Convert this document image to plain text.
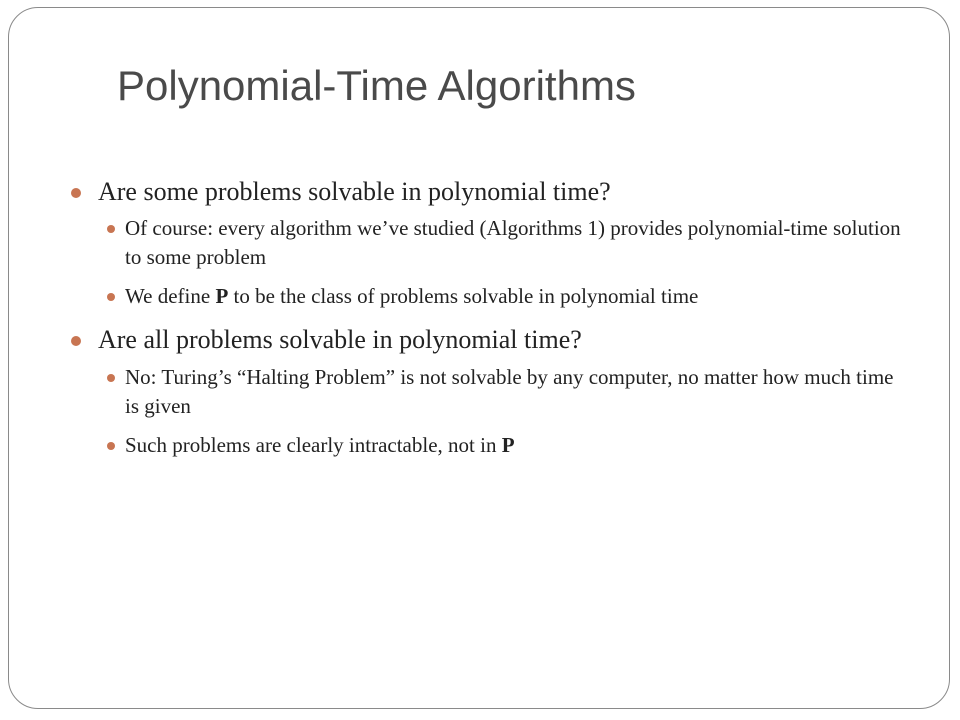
Polynomial-Time Algorithms

Are some problems solvable in polynomial time?

Of course: every algorithm we’ve studied (Algorithms 1) provides polynomial-time solution to some problem

We define P to be the class of problems solvable in polynomial time

Are all problems solvable in polynomial time?

No: Turing’s “Halting Problem” is not solvable by any computer, no matter how much time is given

Such problems are clearly intractable, not in P
